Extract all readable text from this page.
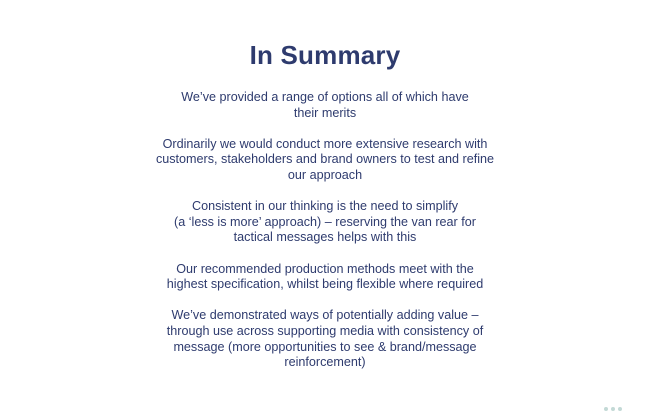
In Summary

We’ve provided a range of options all of which have
their merits

Ordinarily we would conduct more extensive research with
customers, stakeholders and brand owners to test and refine
our approach

Consistent in our thinking is the need to simplify
(a ‘less is more’ approach) – reserving the van rear for
tactical messages helps with this

Our recommended production methods meet with the
highest specification, whilst being flexible where required

We’ve demonstrated ways of potentially adding value –
through use across supporting media with consistency of
message (more opportunities to see & brand/message
reinforcement)
